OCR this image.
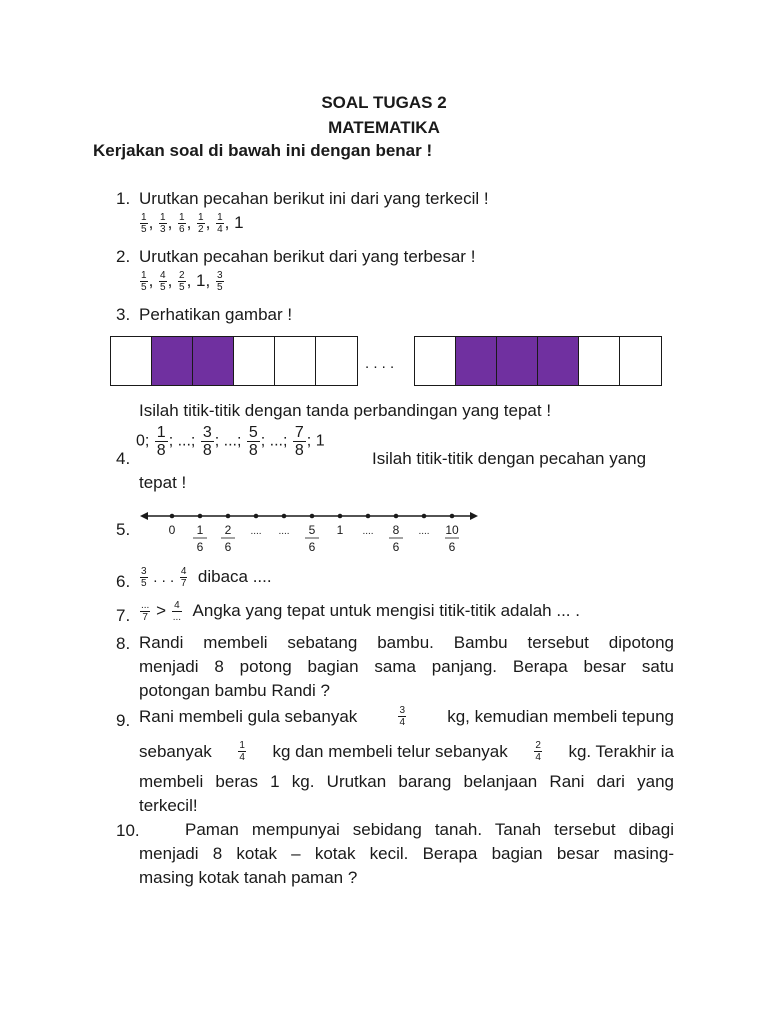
SOAL TUGAS 2
MATEMATIKA
Kerjakan soal di bawah ini dengan benar !
1. Urutkan pecahan berikut ini dari yang terkecil !
$\frac{1}{5}$ , $\frac{1}{3}$ , $\frac{1}{6}$ , $\frac{1}{2}$ , $\frac{1}{4}$ , 1
2. Urutkan pecahan berikut dari yang terbesar !
$\frac{1}{5}$ , $\frac{4}{5}$ , $\frac{2}{5}$ , 1, $\frac{3}{5}$
3. Perhatikan gambar !
. . . .
Isilah titik-titik dengan tanda perbandingan yang tepat !
4.
0; $\frac{1}{8}$ ; ...; $\frac{3}{8}$ ; ...; $\frac{5}{8}$ ; ...; $\frac{7}{8}$ ; 1
Isilah titik-titik dengan pecahan yang
tepat !
5.	0 1
6
2
6
.... .... 5
6
1 .... 8
6
.... 10
6
6. $\frac{3}{5}$ . . . $\frac{4}{7}$ dibaca ....
7. $\frac{...}{7} > \frac{4}{...}$ Angka yang tepat untuk mengisi titik-titik adalah ... .
8. Randi membeli sebatang bambu. Bambu tersebut dipotong
menjadi 8 potong bagian sama panjang. Berapa besar satu
potongan bambu Randi ?
9. Rani membeli gula sebanyak	$\frac{3}{4}$ kg, kemudian membeli tepung
sebanyak	$\frac{1}{4}$ kg dan membeli telur sebanyak	$\frac{2}{4}$ kg. Terakhir ia
membeli beras 1 kg. Urutkan barang belanjaan Rani dari yang
terkecil!
10.	Paman mempunyai sebidang tanah. Tanah tersebut dibagi
menjadi 8 kotak – kotak kecil. Berapa bagian besar masing-
masing kotak tanah paman ?
